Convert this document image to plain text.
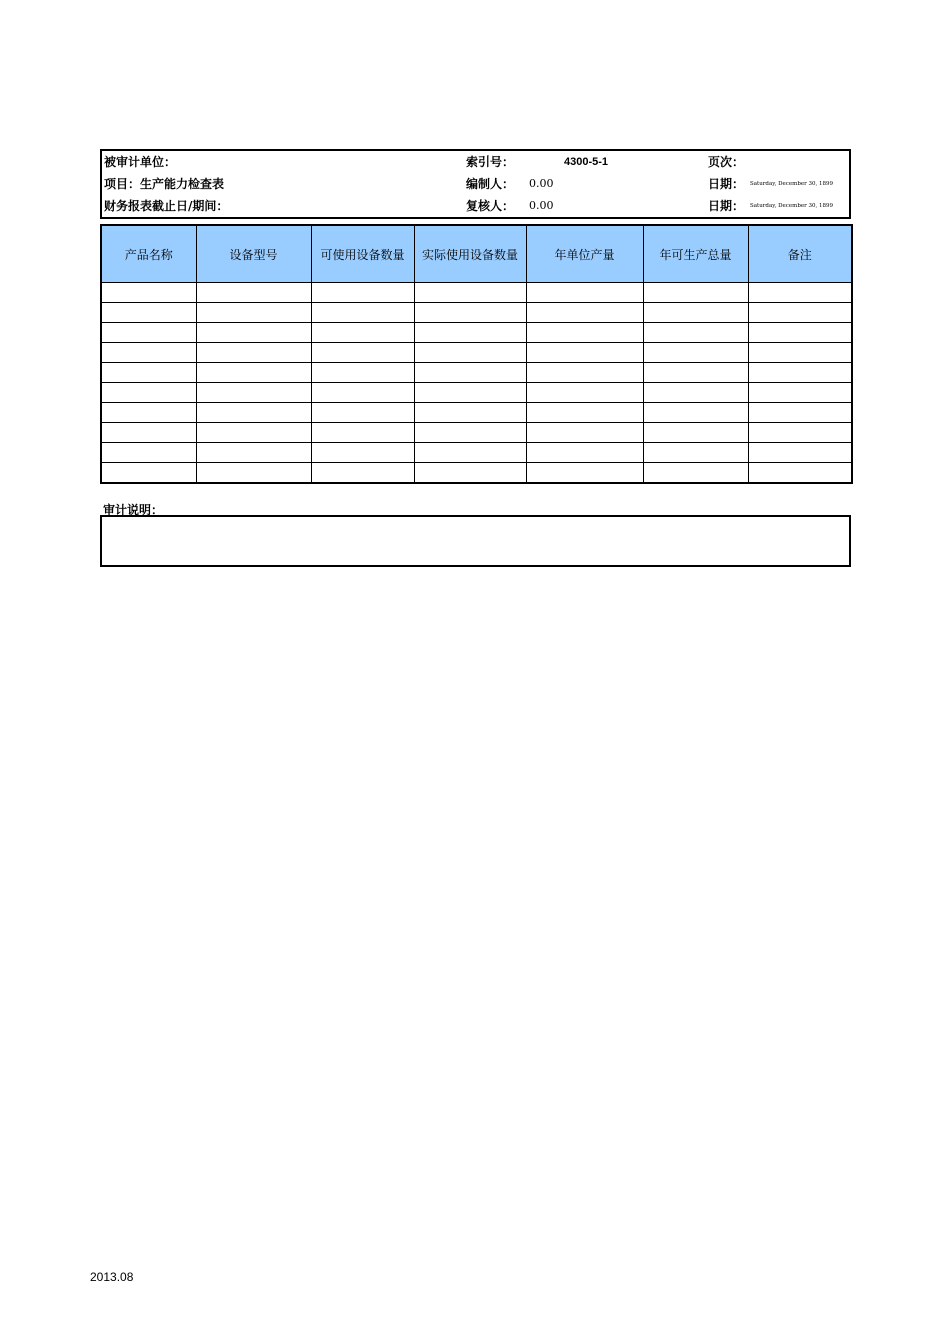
被审计单位：	索引号：	4300-5-1	页次：
项目：生产能力检查表	编制人： 0.00	日期： Saturday, December 30, 1899
财务报表截止日/期间：	复核人： 0.00	日期： Saturday, December 30, 1899
产品名称	设备型号	可使用设备数量	实际使用设备数量	年单位产量	年可生产总量	备注

审计说明：
2013.08
